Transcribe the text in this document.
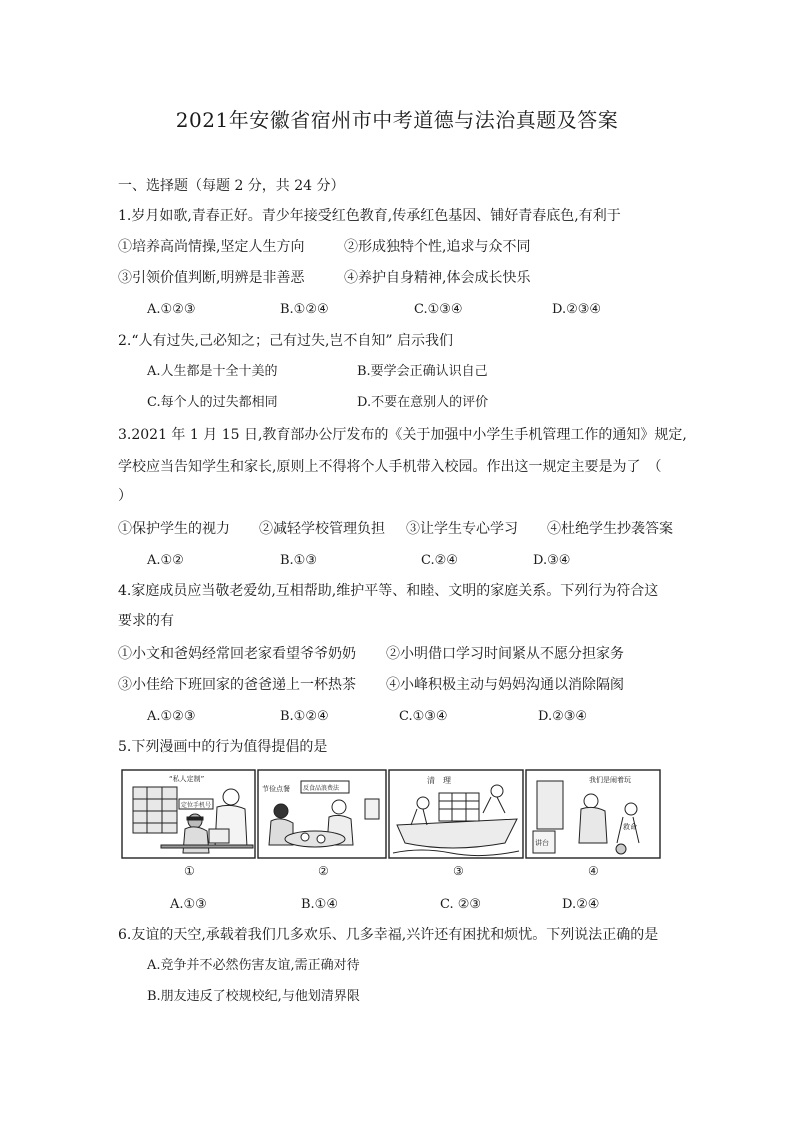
2021年安徽省宿州市中考道德与法治真题及答案
一、选择题（每题 2 分，共 24 分）
1.岁月如歌,青春正好。青少年接受红色教育,传承红色基因、铺好青春底色,有利于
①培养高尚情操,坚定人生方向	②形成独特个性,追求与众不同
③引领价值判断,明辨是非善恶	④养护自身精神,体会成长快乐
A.①②③	B.①②④	C.①③④	D.②③④
2.“人有过失,己必知之；己有过失,岂不自知” 启示我们
A.人生都是十全十美的	B.要学会正确认识自己
C.每个人的过失都相同	D.不要在意别人的评价
3.2021 年 1 月 15 日,教育部办公厅发布的《关于加强中小学生手机管理工作的通知》规定,
学校应当告知学生和家长,原则上不得将个人手机带入校园。作出这一规定主要是为了　（
）
①保护学生的视力 ②减轻学校管理负担 ③让学生专心学习 ④杜绝学生抄袭答案
A.①②	B.①③	C.②④	D.③④
4.家庭成员应当敬老爱幼,互相帮助,维护平等、和睦、文明的家庭关系。下列行为符合这
要求的有
①小文和爸妈经常回老家看望爷爷奶奶 ②小明借口学习时间紧从不愿分担家务
③小佳给下班回家的爸爸递上一杯热茶 ④小峰积极主动与妈妈沟通以消除隔阂
A.①②③	B.①②④	C.①③④	D.②③④
5.下列漫画中的行为值得提倡的是
“私人定制”
定位手机号
节俭点餐 反食品浪费法
清　理	我们是闹着玩
救命
讲台
①	②	③	④
A.①③	B.①④	C. ②③	D.②④
6.友谊的天空,承载着我们几多欢乐、几多幸福,兴许还有困扰和烦忧。下列说法正确的是
A.竞争并不必然伤害友谊,需正确对待
B.朋友违反了校规校纪,与他划清界限
